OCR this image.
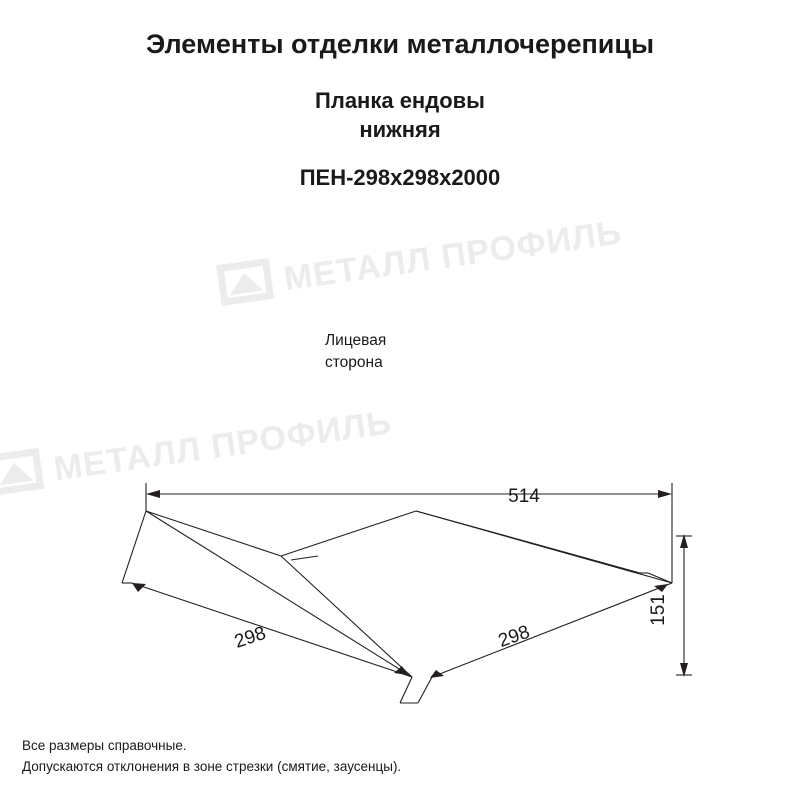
Элементы отделки металлочерепицы
Планка ендовы
нижняя
ПЕН-298х298х2000
МЕТАЛЛ ПРОФИЛЬ
МЕТАЛЛ ПРОФИЛЬ
514
298	298
151
Лицевая
сторона
Все размеры справочные.
Допускаются отклонения в зоне стрезки (смятие, заусенцы).
